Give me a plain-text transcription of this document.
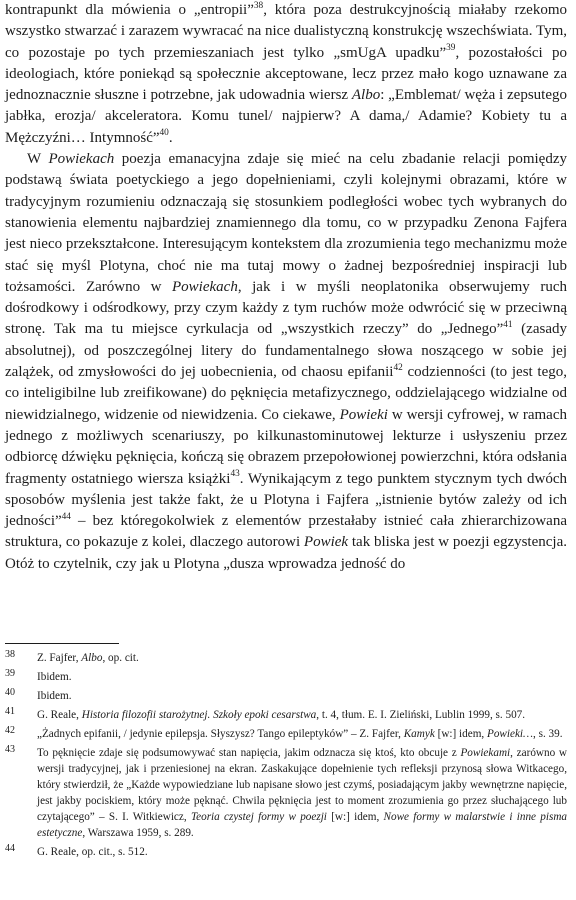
kontrapunkt dla mówienia o „entropii”$^{38}$, która poza destrukcyjnością miałaby rzekomo wszystko stwarzać i zarazem wywracać na nice dualistyczną konstrukcję wszechświata. Tym, co pozostaje po tych przemieszaniach jest tylko „smUgA upadku”$^{39}$, pozostałości po ideologiach, które poniekąd są społecznie akceptowane, lecz przez mało kogo uznawane za jednoznacznie słuszne i potrzebne, jak udowadnia wiersz Albo: „Emblemat/ węża i zepsutego jabłka, erozja/ akceleratora. Komu tunel/ najpierw? A dama,/ Adamie? Kobiety tu a Mężczyźni… Intymność”$^{40}$.

W Powiekach poezja emanacyjna zdaje się mieć na celu zbadanie relacji pomiędzy podstawą świata poetyckiego a jego dopełnieniami, czyli kolejnymi obrazami, które w tradycyjnym rozumieniu odznaczają się stosunkiem podległości wobec tych wybranych do stanowienia elementu najbardziej znamiennego dla tomu, co w przypadku Zenona Fajfera jest nieco przekształcone. Interesującym kontekstem dla zrozumienia tego mechanizmu może stać się myśl Plotyna, choć nie ma tutaj mowy o żadnej bezpośredniej inspiracji lub tożsamości. Zarówno w Powiekach, jak i w myśli neoplatonika obserwujemy ruch dośrodkowy i odśrodkowy, przy czym każdy z tym ruchów może odwrócić się w przeciwną stronę. Tak ma tu miejsce cyrkulacja od „wszystkich rzeczy” do „Jednego”$^{41}$ (zasady absolutnej), od poszczególnej litery do fundamentalnego słowa noszącego w sobie jej zalążek, od zmysłowości do jej uobecnienia, od chaosu epifanii$^{42}$ codzienności (to jest tego, co inteligibilne lub zreifikowane) do pęknięcia metafizycznego, oddzielającego widzialne od niewidzialnego, widzenie od niewidzenia. Co ciekawe, Powieki w wersji cyfrowej, w ramach jednego z możliwych scenariuszy, po kilkunastominutowej lekturze i usłyszeniu przez odbiorcę dźwięku pęknięcia, kończą się obrazem przepołowionej powierzchni, która odsłania fragmenty ostatniego wiersza książki$^{43}$. Wynikającym z tego punktem stycznym tych dwóch sposobów myślenia jest także fakt, że u Plotyna i Fajfera „istnienie bytów zależy od ich jedności”$^{44}$ – bez któregokolwiek z elementów przestałaby istnieć cała zhierarchizowana struktura, co pokazuje z kolei, dlaczego autorowi Powiek tak bliska jest w poezji egzystencja. Otóż to czytelnik, czy jak u Plotyna „dusza wprowadza jedność do

38	Z. Fajfer, Albo, op. cit.
39	Ibidem.
40	Ibidem.
41	G. Reale, Historia filozofii starożytnej. Szkoły epoki cesarstwa, t. 4, tłum. E. I. Zieliński, Lublin 1999, s. 507.
42	„Żadnych epifanii, / jedynie epilepsja. Słyszysz? Tango epileptyków” – Z. Fajfer, Kamyk [w:] idem, Powieki…, s. 39.
43	To pęknięcie zdaje się podsumowywać stan napięcia, jakim odznacza się ktoś, kto obcuje z Powiekami, zarówno w wersji tradycyjnej, jak i przeniesionej na ekran. Zaskakujące dopełnienie tych refleksji przynosą słowa Witkacego, który stwierdził, że „Każde wypowiedziane lub napisane słowo jest czymś, posiadającym jakby wewnętrzne napięcie, jest jakby pociskiem, który może pęknąć. Chwila pęknięcia jest to moment zrozumienia go przez słuchającego lub czytającego” – S. I. Witkiewicz, Teoria czystej formy w poezji [w:] idem, Nowe formy w malarstwie i inne pisma estetyczne, Warszawa 1959, s. 289.
44	G. Reale, op. cit., s. 512.
